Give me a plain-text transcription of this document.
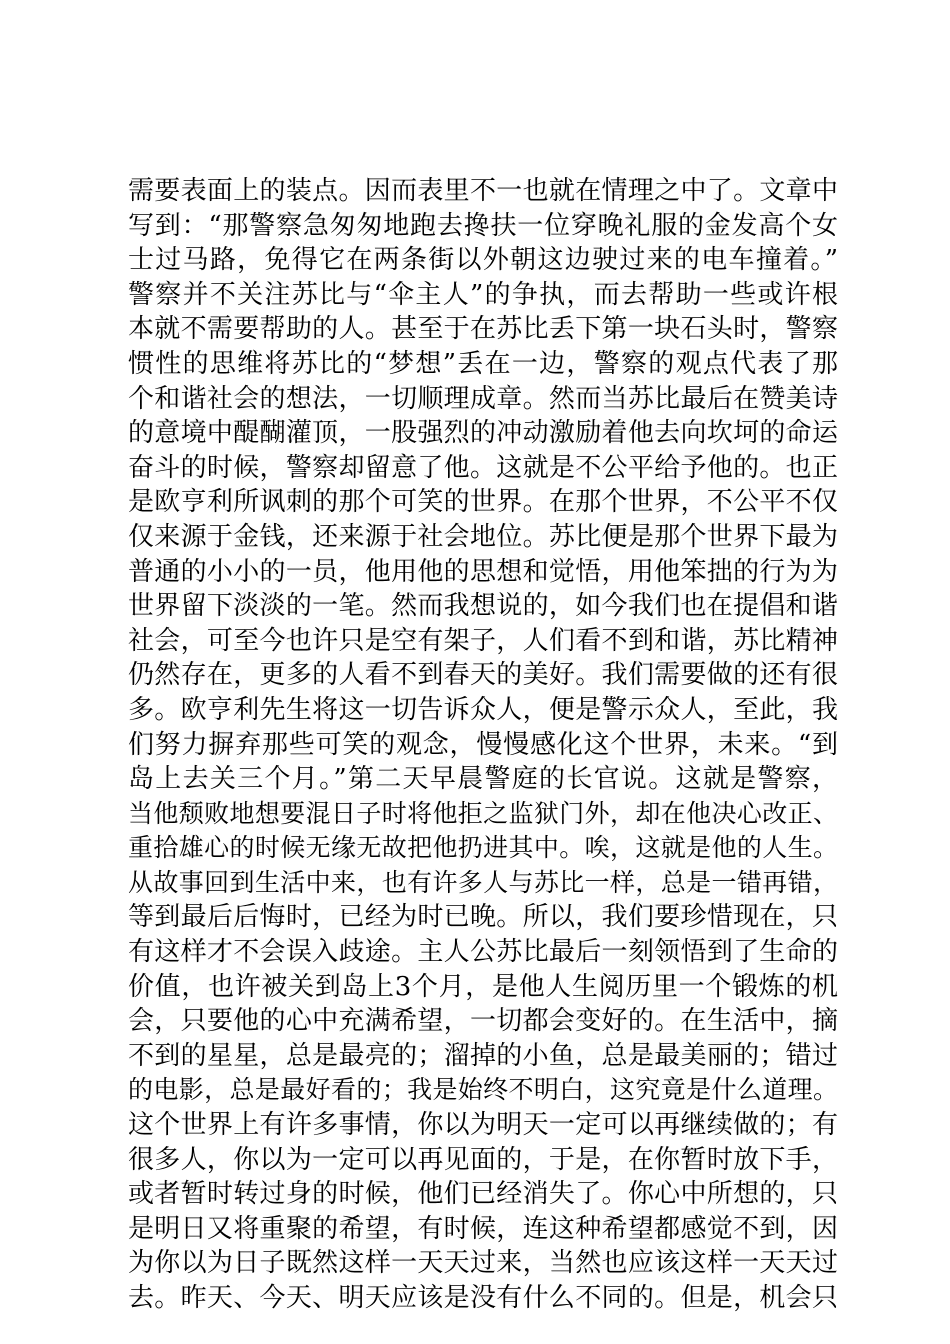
需要表面上的装点。因而表里不一也就在情理之中了。文章中
写到：“那警察急匆匆地跑去搀扶一位穿晚礼服的金发高个女
士过马路，免得它在两条街以外朝这边驶过来的电车撞着。”
警察并不关注苏比与“伞主人”的争执，而去帮助一些或许根
本就不需要帮助的人。甚至于在苏比丢下第一块石头时，警察
惯性的思维将苏比的“梦想”丢在一边，警察的观点代表了那
个和谐社会的想法，一切顺理成章。然而当苏比最后在赞美诗
的意境中醍醐灌顶，一股强烈的冲动激励着他去向坎坷的命运
奋斗的时候，警察却留意了他。这就是不公平给予他的。也正
是欧亨利所讽刺的那个可笑的世界。在那个世界，不公平不仅
仅来源于金钱，还来源于社会地位。苏比便是那个世界下最为
普通的小小的一员，他用他的思想和觉悟，用他笨拙的行为为
世界留下淡淡的一笔。然而我想说的，如今我们也在提倡和谐
社会，可至今也许只是空有架子，人们看不到和谐，苏比精神
仍然存在，更多的人看不到春天的美好。我们需要做的还有很
多。欧亨利先生将这一切告诉众人，便是警示众人，至此，我
们努力摒弃那些可笑的观念，慢慢感化这个世界，未来。“到
岛上去关三个月。”第二天早晨警庭的长官说。这就是警察，
当他颓败地想要混日子时将他拒之监狱门外，却在他决心改正、
重拾雄心的时候无缘无故把他扔进其中。唉，这就是他的人生。
从故事回到生活中来，也有许多人与苏比一样，总是一错再错，
等到最后后悔时，已经为时已晚。所以，我们要珍惜现在，只
有这样才不会误入歧途。主人公苏比最后一刻领悟到了生命的
价值，也许被关到岛上3个月，是他人生阅历里一个锻炼的机
会，只要他的心中充满希望，一切都会变好的。在生活中，摘
不到的星星，总是最亮的；溜掉的小鱼，总是最美丽的；错过
的电影，总是最好看的；我是始终不明白，这究竟是什么道理。
这个世界上有许多事情，你以为明天一定可以再继续做的；有
很多人，你以为一定可以再见面的，于是，在你暂时放下手，
或者暂时转过身的时候，他们已经消失了。你心中所想的，只
是明日又将重聚的希望，有时候，连这种希望都感觉不到，因
为你以为日子既然这样一天天过来，当然也应该这样一天天过
去。昨天、今天、明天应该是没有什么不同的。但是，机会只
